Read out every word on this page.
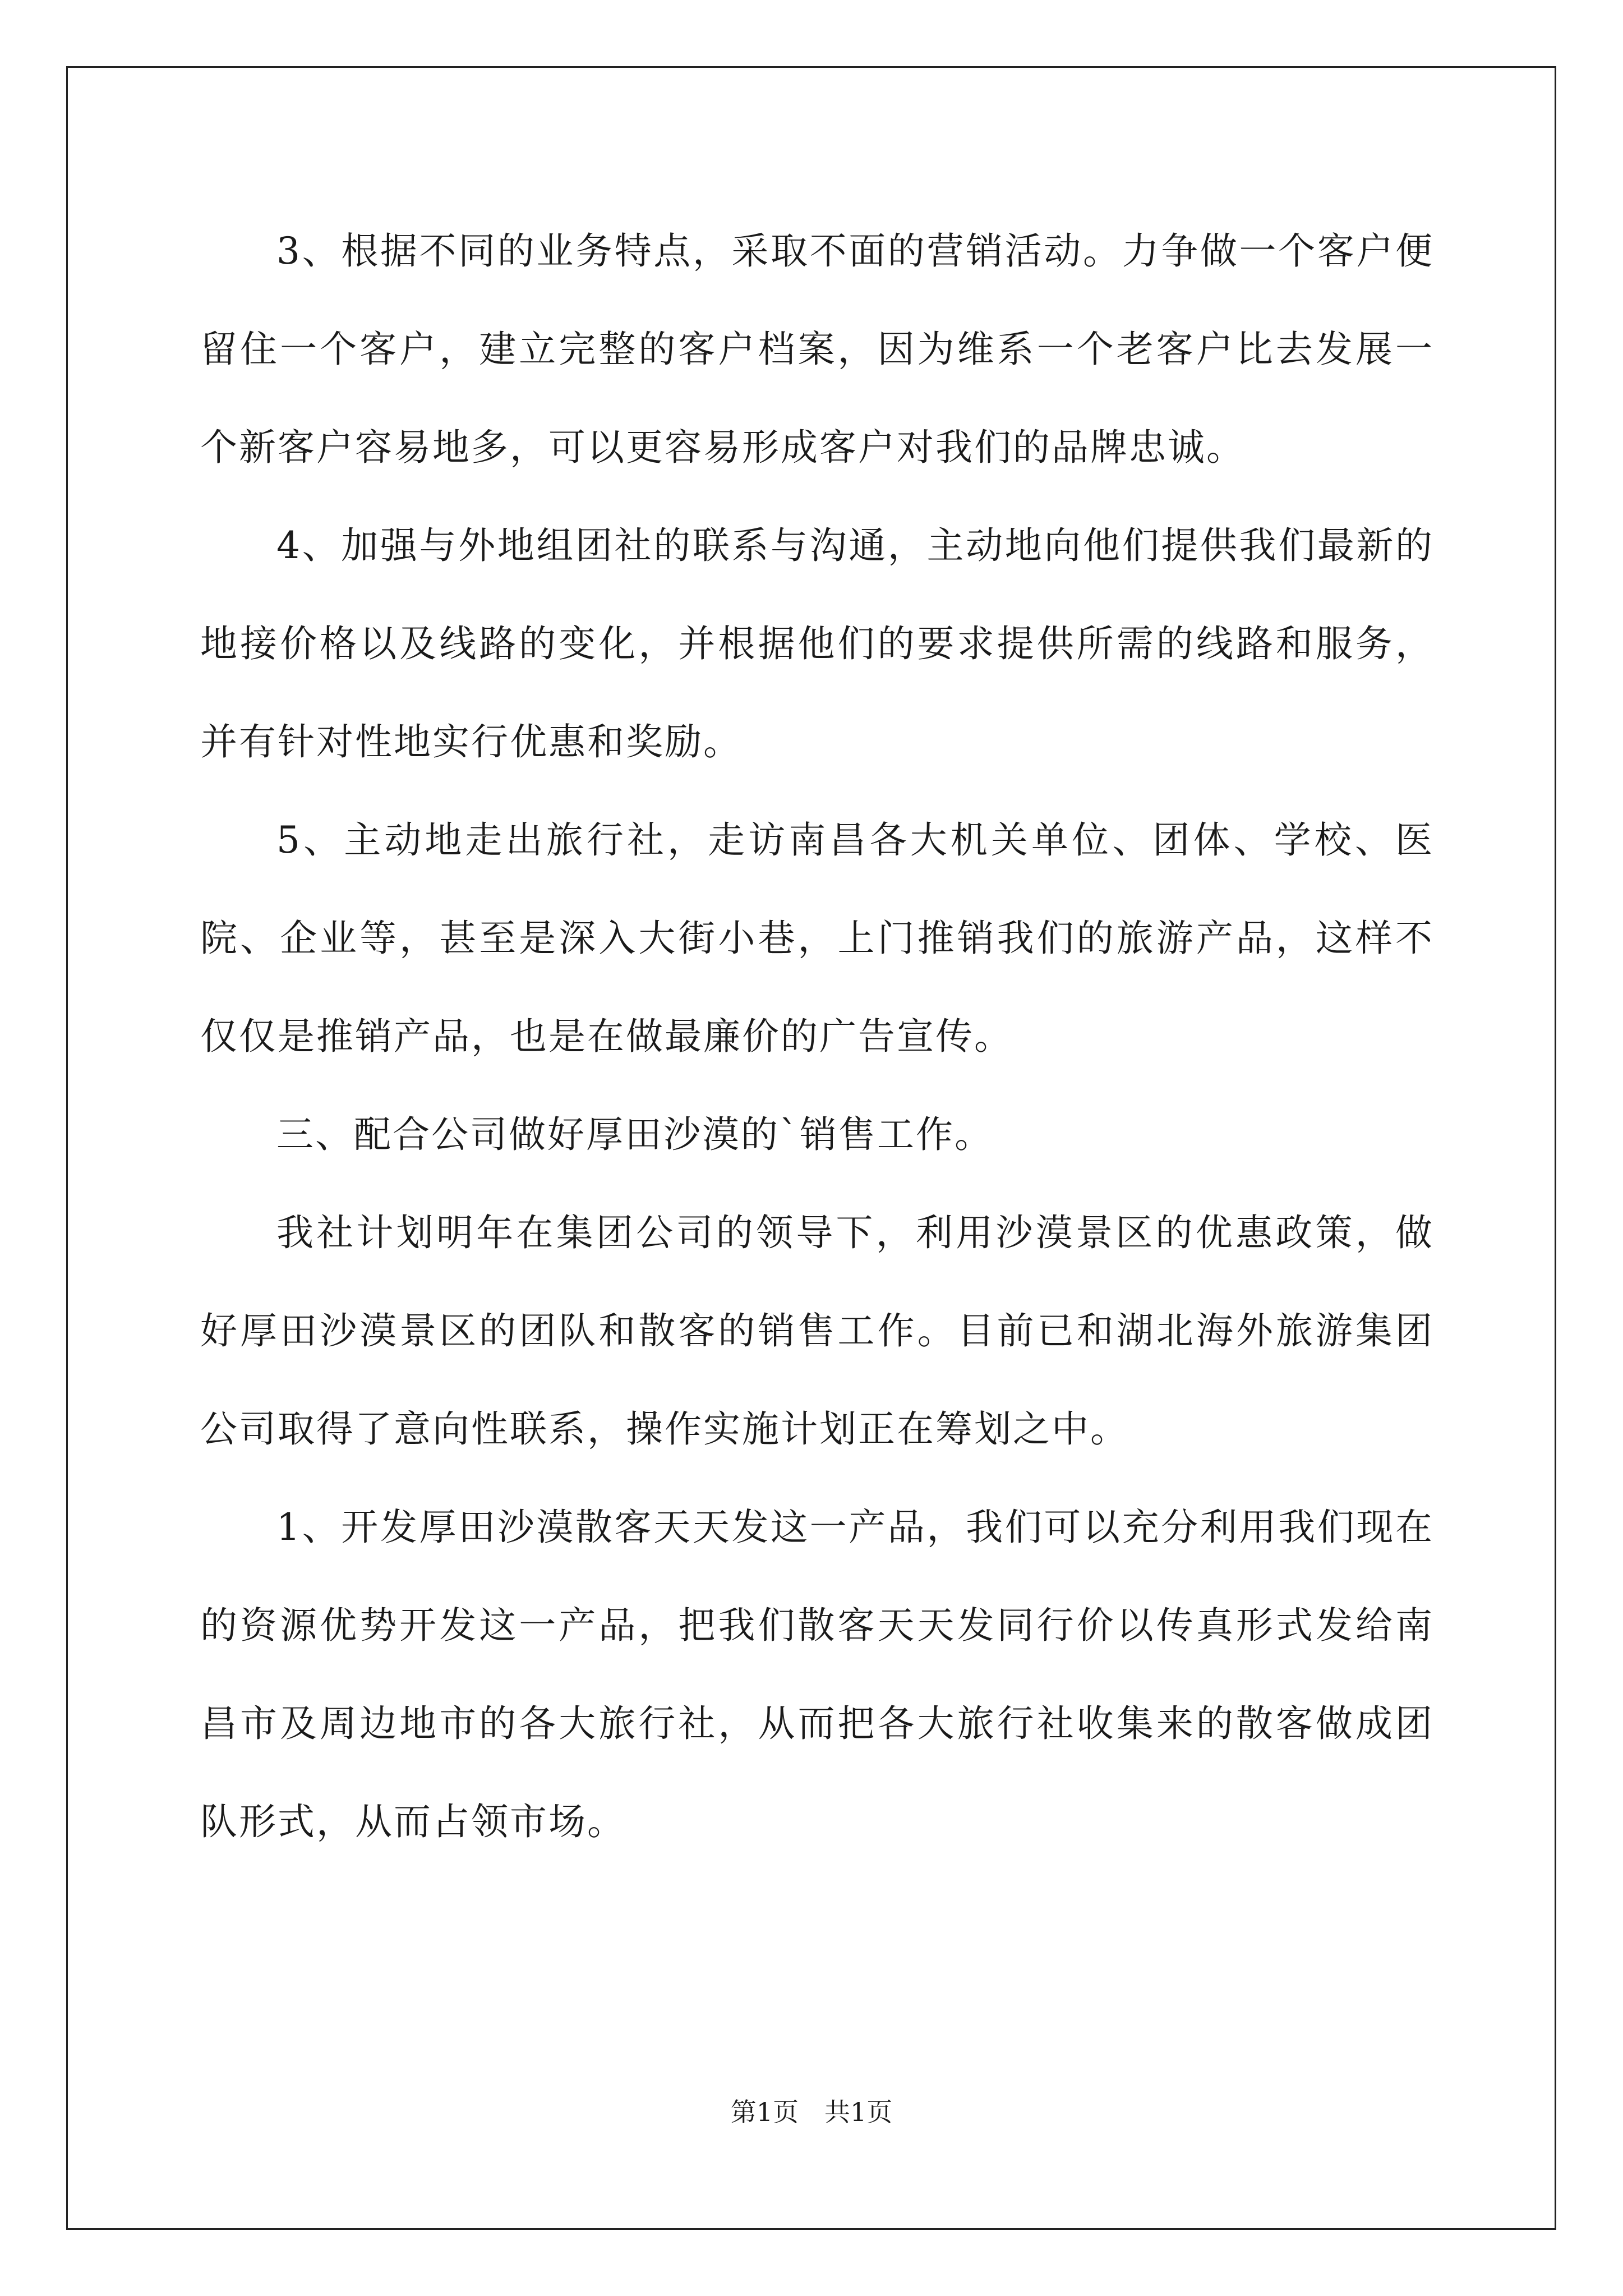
3、根据不同的业务特点，采取不面的营销活动。力争做一个客户便留住一个客户，建立完整的客户档案，因为维系一个老客户比去发展一个新客户容易地多，可以更容易形成客户对我们的品牌忠诚。

4、加强与外地组团社的联系与沟通，主动地向他们提供我们最新的地接价格以及线路的变化，并根据他们的要求提供所需的线路和服务，并有针对性地实行优惠和奖励。

5、主动地走出旅行社，走访南昌各大机关单位、团体、学校、医院、企业等，甚至是深入大街小巷，上门推销我们的旅游产品，这样不仅仅是推销产品，也是在做最廉价的广告宣传。

三、配合公司做好厚田沙漠的`销售工作。

我社计划明年在集团公司的领导下，利用沙漠景区的优惠政策，做好厚田沙漠景区的团队和散客的销售工作。目前已和湖北海外旅游集团公司取得了意向性联系，操作实施计划正在筹划之中。

1、开发厚田沙漠散客天天发这一产品，我们可以充分利用我们现在的资源优势开发这一产品，把我们散客天天发同行价以传真形式发给南昌市及周边地市的各大旅行社，从而把各大旅行社收集来的散客做成团队形式，从而占领市场。

第1页 共1页
